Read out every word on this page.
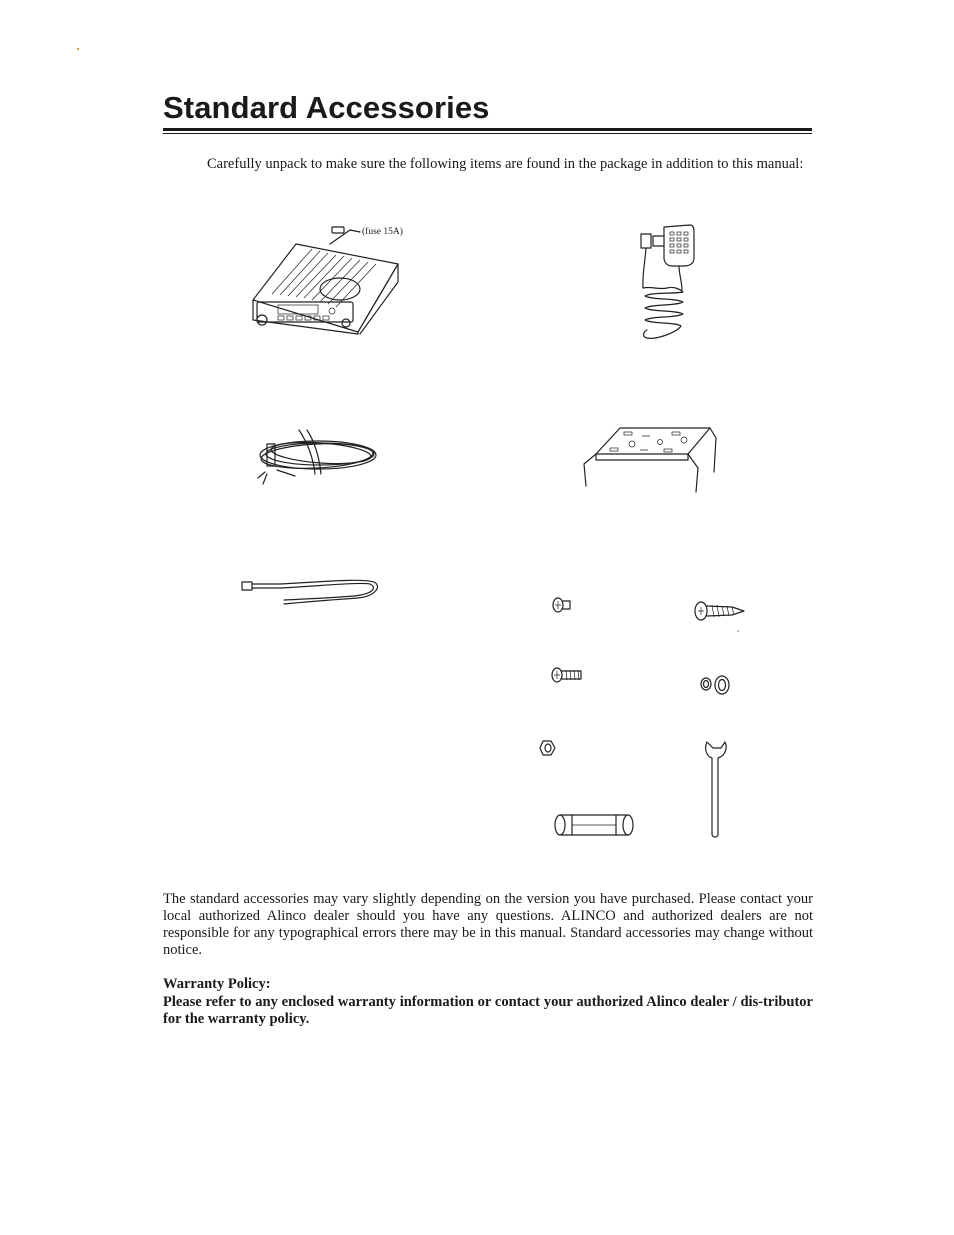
Standard Accessories
Carefully unpack to make sure the following items are found in the package in addition to this manual:
(fuse 15A)

The standard accessories may vary slightly depending on the version you have purchased. Please contact your local authorized Alinco dealer should you have any questions. ALINCO and authorized dealers are not responsible for any typographical errors there may be in this manual. Standard accessories may change without notice.

Warranty Policy:

Please refer to any enclosed warranty information or contact your authorized Alinco dealer / dis-tributor for the warranty policy.
